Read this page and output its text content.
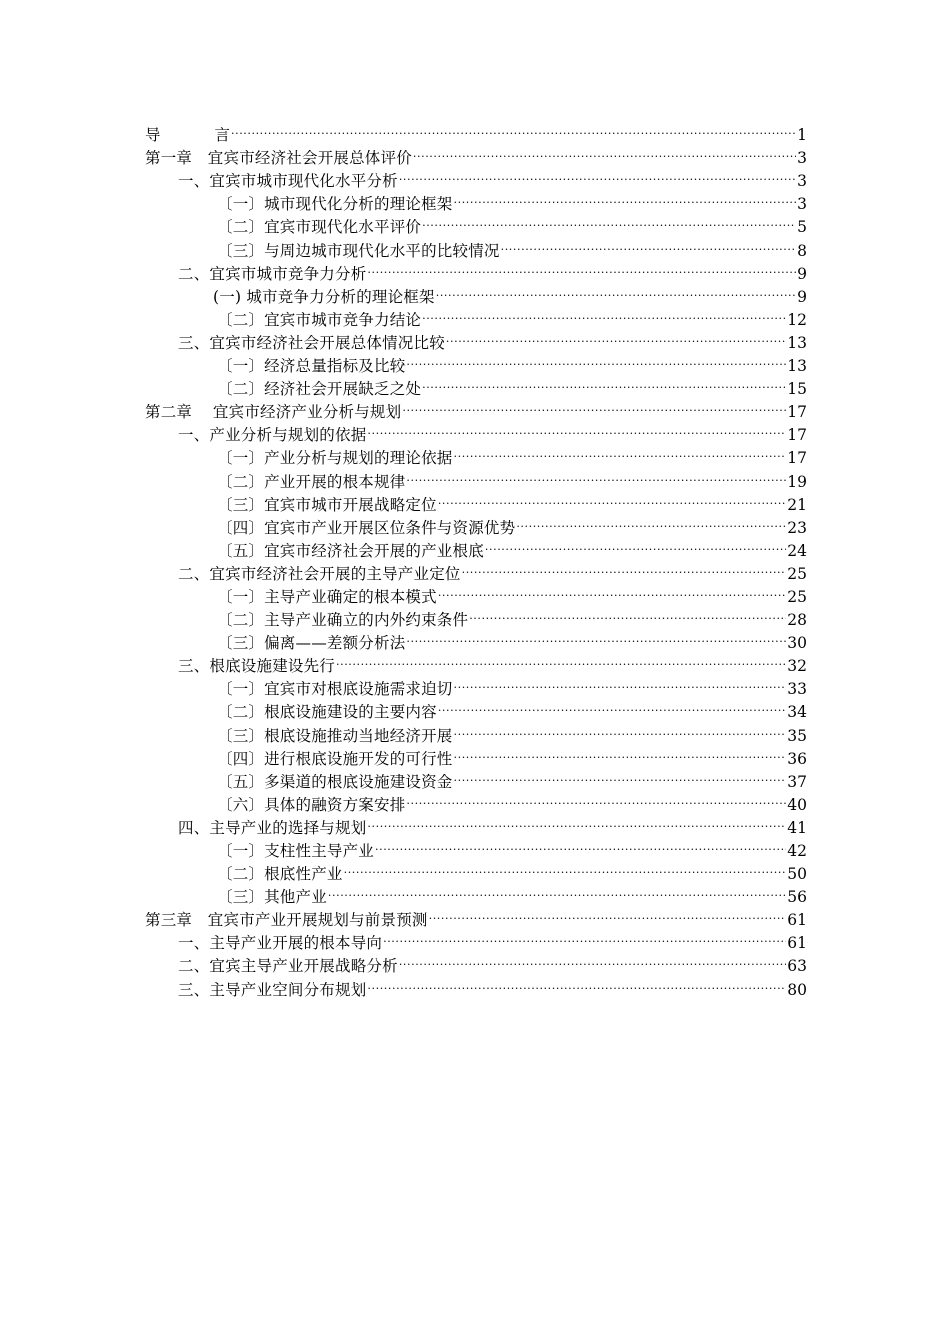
导	言 .....	1
第一章　宜宾市经济社会开展总体评价 .....	3
一、宜宾市城市现代化水平分析 .....	3
〔一〕城市现代化分析的理论框架 .....	3
〔二〕宜宾市现代化水平评价 .....	5
〔三〕与周边城市现代化水平的比较情况 .....	8
二、宜宾市城市竞争力分析 .....	9
(一) 城市竞争力分析的理论框架 .....	9
〔二〕宜宾市城市竞争力结论 .....	12
三、宜宾市经济社会开展总体情况比较 .....	13
〔一〕经济总量指标及比较 .....	13
〔二〕经济社会开展缺乏之处 .....	15
第二章　 宜宾市经济产业分析与规划 .....	17
一、产业分析与规划的依据 .....	17
〔一〕产业分析与规划的理论依据 .....	17
〔二〕产业开展的根本规律 .....	19
〔三〕宜宾市城市开展战略定位 .....	21
〔四〕宜宾市产业开展区位条件与资源优势 .....	23
〔五〕宜宾市经济社会开展的产业根底 .....	24
二、宜宾市经济社会开展的主导产业定位 .....	25
〔一〕主导产业确定的根本模式 .....	25
〔二〕主导产业确立的内外约束条件 .....	28
〔三〕偏离——差额分析法 .....	30
三、根底设施建设先行 .....	32
〔一〕宜宾市对根底设施需求迫切 .....	33
〔二〕根底设施建设的主要内容 .....	34
〔三〕根底设施推动当地经济开展 .....	35
〔四〕进行根底设施开发的可行性 .....	36
〔五〕多渠道的根底设施建设资金 .....	37
〔六〕具体的融资方案安排 .....	40
四、主导产业的选择与规划 .....	41
〔一〕支柱性主导产业 .....	42
〔二〕根底性产业 .....	50
〔三〕其他产业 .....	56
第三章　宜宾市产业开展规划与前景预测 .....	61
一、主导产业开展的根本导向 .....	61
二、宜宾主导产业开展战略分析 .....	63
三、主导产业空间分布规划 .....	80
